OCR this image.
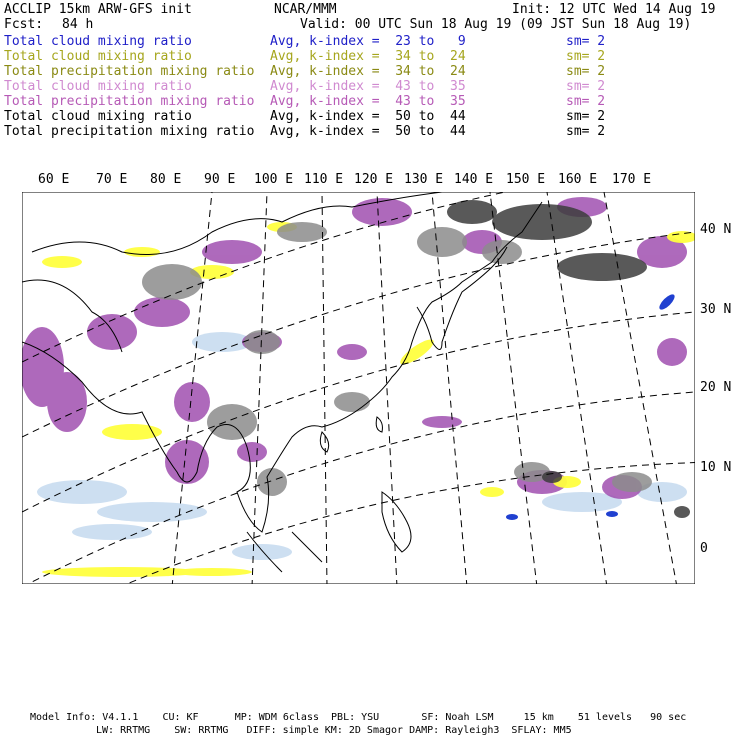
ACCLIP 15km ARW-GFS init	NCAR/MMM	Init: 12 UTC Wed 14 Aug 19
Fcst: 84 h	Valid: 00 UTC Sun 18 Aug 19 (09 JST Sun 18 Aug 19)
Total cloud mixing ratio	Avg, k-index =  23 to   9	sm= 2
Total cloud mixing ratio	Avg, k-index =  34 to  24	sm= 2
Total precipitation mixing ratio Avg, k-index =  34 to  24	sm= 2
Total cloud mixing ratio	Avg, k-index =  43 to  35	sm= 2
Total precipitation mixing ratio Avg, k-index =  43 to  35	sm= 2
Total cloud mixing ratio	Avg, k-index =  50 to  44	sm= 2
Total precipitation mixing ratio Avg, k-index =  50 to  44	sm= 2
60 E 70 E 80 E 90 E 100 E 110 E 120 E 130 E 140 E 150 E 160 E 170 E
40 N
30 N
20 N
10 N
0
Model Info: V4.1.1    CU: KF      MP: WDM 6class  PBL: YSU       SF: Noah LSM     15 km    51 levels   90 sec
LW: RRTMG    SW: RRTMG   DIFF: simple KM: 2D Smagor DAMP: Rayleigh3  SFLAY: MM5
